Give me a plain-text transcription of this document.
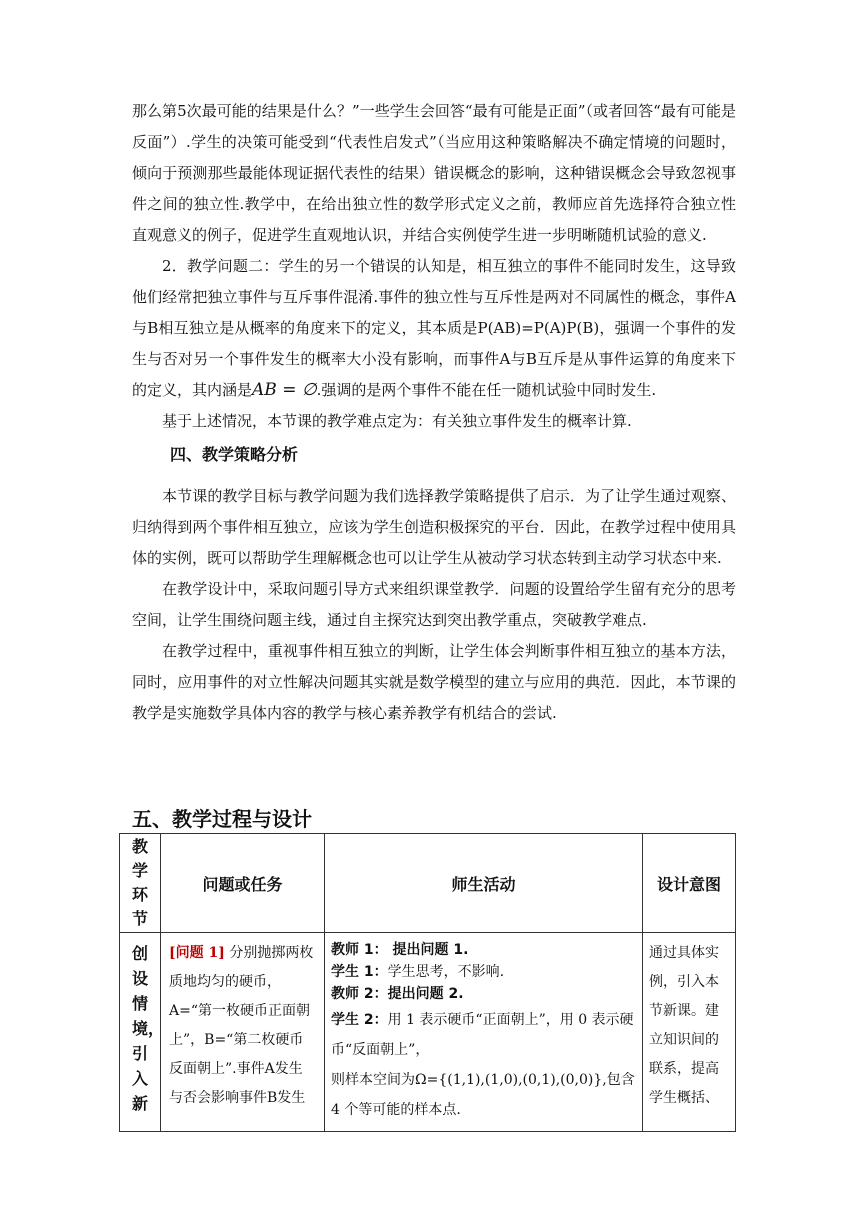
那么第5次最可能的结果是什么？”一些学生会回答“最有可能是正面”（或者回答“最有可能是反面”）.学生的决策可能受到“代表性启发式”（当应用这种策略解决不确定情境的问题时，倾向于预测那些最能体现证据代表性的结果）错误概念的影响，这种错误概念会导致忽视事件之间的独立性.教学中，在给出独立性的数学形式定义之前，教师应首先选择符合独立性直观意义的例子，促进学生直观地认识，并结合实例使学生进一步明晰随机试验的意义.

2．教学问题二：学生的另一个错误的认知是，相互独立的事件不能同时发生，这导致他们经常把独立事件与互斥事件混淆.事件的独立性与互斥性是两对不同属性的概念，事件A与B相互独立是从概率的角度来下的定义，其本质是P(AB)=P(A)P(B)，强调一个事件的发生与否对另一个事件发生的概率大小没有影响，而事件A与B互斥是从事件运算的角度来下的定义，其内涵是AB = ∅.强调的是两个事件不能在任一随机试验中同时发生.

基于上述情况，本节课的教学难点定为：有关独立事件发生的概率计算.

四、教学策略分析

本节课的教学目标与教学问题为我们选择教学策略提供了启示．为了让学生通过观察、归纳得到两个事件相互独立，应该为学生创造积极探究的平台．因此，在教学过程中使用具体的实例，既可以帮助学生理解概念也可以让学生从被动学习状态转到主动学习状态中来.

在教学设计中，采取问题引导方式来组织课堂教学．问题的设置给学生留有充分的思考空间，让学生围绕问题主线，通过自主探究达到突出教学重点，突破教学难点.

在教学过程中，重视事件相互独立的判断，让学生体会判断事件相互独立的基本方法，同时，应用事件的对立性解决问题其实就是数学模型的建立与应用的典范．因此，本节课的教学是实施数学具体内容的教学与核心素养教学有机结合的尝试.

五、教学过程与设计

教学环节	问题或任务	师生活动	设计意图

创设情境，引入新	[问题 1] 分别抛掷两枚质地均匀的硬币，A=“第一枚硬币正面朝上”，B=“第二枚硬币反面朝上”.事件A发生与否会影响事件B发生	教师 1： 提出问题 1.
学生 1：学生思考，不影响.
教师 2：提出问题 2.
学生 2：用 1 表示硬币“正面朝上”，用 0 表示硬币“反面朝上”，
则样本空间为Ω={(1,1),(1,0),(0,1),(0,0)},包含 4 个等可能的样本点.	通过具体实例，引入本节新课。建立知识间的联系，提高学生概括、
